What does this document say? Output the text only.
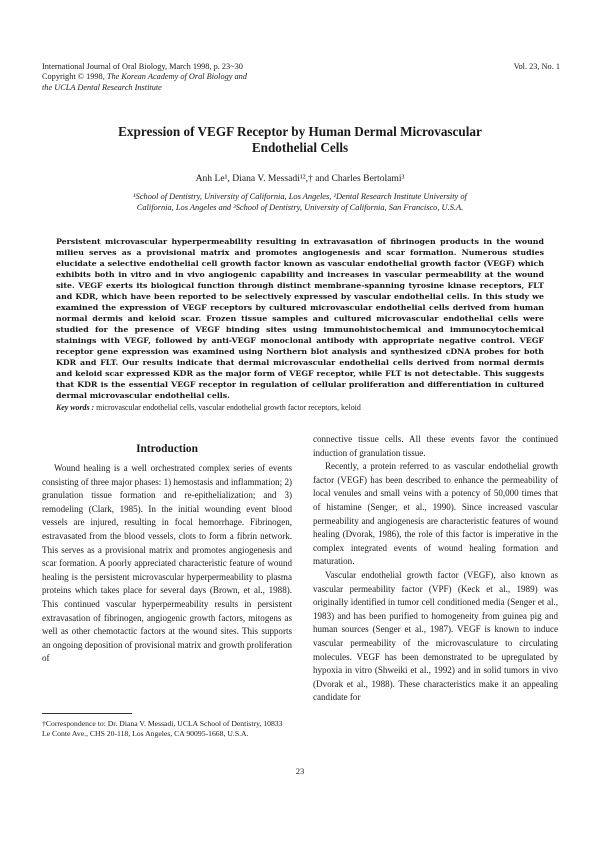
International Journal of Oral Biology, March 1998, p. 23~30
Copyright © 1998, The Korean Academy of Oral Biology and
the UCLA Dental Research Institute
Vol. 23, No. 1
Expression of VEGF Receptor by Human Dermal Microvascular
Endothelial Cells
Anh Le¹, Diana V. Messadi¹²,† and Charles Bertolami³
¹School of Dentistry, University of California, Los Angeles, ²Dental Research Institute University of
California, Los Angeles and ³School of Dentistry, University of California, San Francisco, U.S.A.
Persistent microvascular hyperpermeability resulting in extravasation of fibrinogen products in the wound milieu serves as a provisional matrix and promotes angiogenesis and scar formation. Numerous studies elucidate a selective endothelial cell growth factor known as vascular endothelial growth factor (VEGF) which exhibits both in vitro and in vivo angiogenic capability and increases in vascular permeability at the wound site. VEGF exerts its biological function through distinct membrane-spanning tyrosine kinase receptors, FLT and KDR, which have been reported to be selectively expressed by vascular endothelial cells. In this study we examined the expression of VEGF receptors by cultured microvascular endothelial cells derived from human normal dermis and keloid scar. Frozen tissue samples and cultured microvascular endothelial cells were studied for the presence of VEGF binding sites using immunohistochemical and immunocytochemical stainings with VEGF, followed by anti-VEGF monoclonal antibody with appropriate negative control. VEGF receptor gene expression was examined using Northern blot analysis and synthesized cDNA probes for both KDR and FLT. Our results indicate that dermal microvascular endothelial cells derived from normal dermis and keloid scar expressed KDR as the major form of VEGF receptor, while FLT is not detectable. This suggests that KDR is the essential VEGF receptor in regulation of cellular proliferation and differentiation in cultured dermal microvascular endothelial cells.
Key words : microvascular endothelial cells, vascular endothelial growth factor receptors, keloid
Introduction

Wound healing is a well orchestrated complex series of events consisting of three major phases: 1) hemostasis and inflammation; 2) granulation tissue formation and re-epithelialization; and 3) remodeling (Clark, 1985). In the initial wounding event blood vessels are injured, resulting in focal hemorrhage. Fibrinogen, estravasated from the blood vessels, clots to form a fibrin network. This serves as a provisional matrix and promotes angiogenesis and scar formation. A poorly appreciated characteristic feature of wound healing is the persistent microvascular hyperpermeability to plasma proteins which takes place for several days (Brown, et al., 1988). This continued vascular hyperpermeability results in persistent extravasation of fibrinogen, angiogenic growth factors, mitogens as well as other chemotactic factors at the wound sites. This supports an ongoing deposition of provisional matrix and growth proliferation of

connective tissue cells. All these events favor the continued induction of granulation tissue.

Recently, a protein referred to as vascular endothelial growth factor (VEGF) has been described to enhance the permeability of local venules and small veins with a potency of 50,000 times that of histamine (Senger, et al., 1990). Since increased vascular permeability and angiogenesis are characteristic features of wound healing (Dvorak, 1986), the role of this factor is imperative in the complex integrated events of wound healing formation and maturation.

Vascular endothelial growth factor (VEGF), also known as vascular permeability factor (VPF) (Keck et al., 1989) was originally identified in tumor cell conditioned media (Senger et al., 1983) and has been purified to homogeneity from guinea pig and human sources (Senger et al., 1987). VEGF is known to induce vascular permeability of the microvasculature to circulating molecules. VEGF has been demonstrated to be upregulated by hypoxia in vitro (Shweiki et al., 1992) and in solid tumors in vivo (Dvorak et al., 1988). These characteristics make it an appealing candidate for

†Correspondence to: Dr. Diana V. Messadi, UCLA School of Dentistry, 10833 Le Conte Ave., CHS 20-118, Los Angeles, CA 90095-1668, U.S.A.
23
